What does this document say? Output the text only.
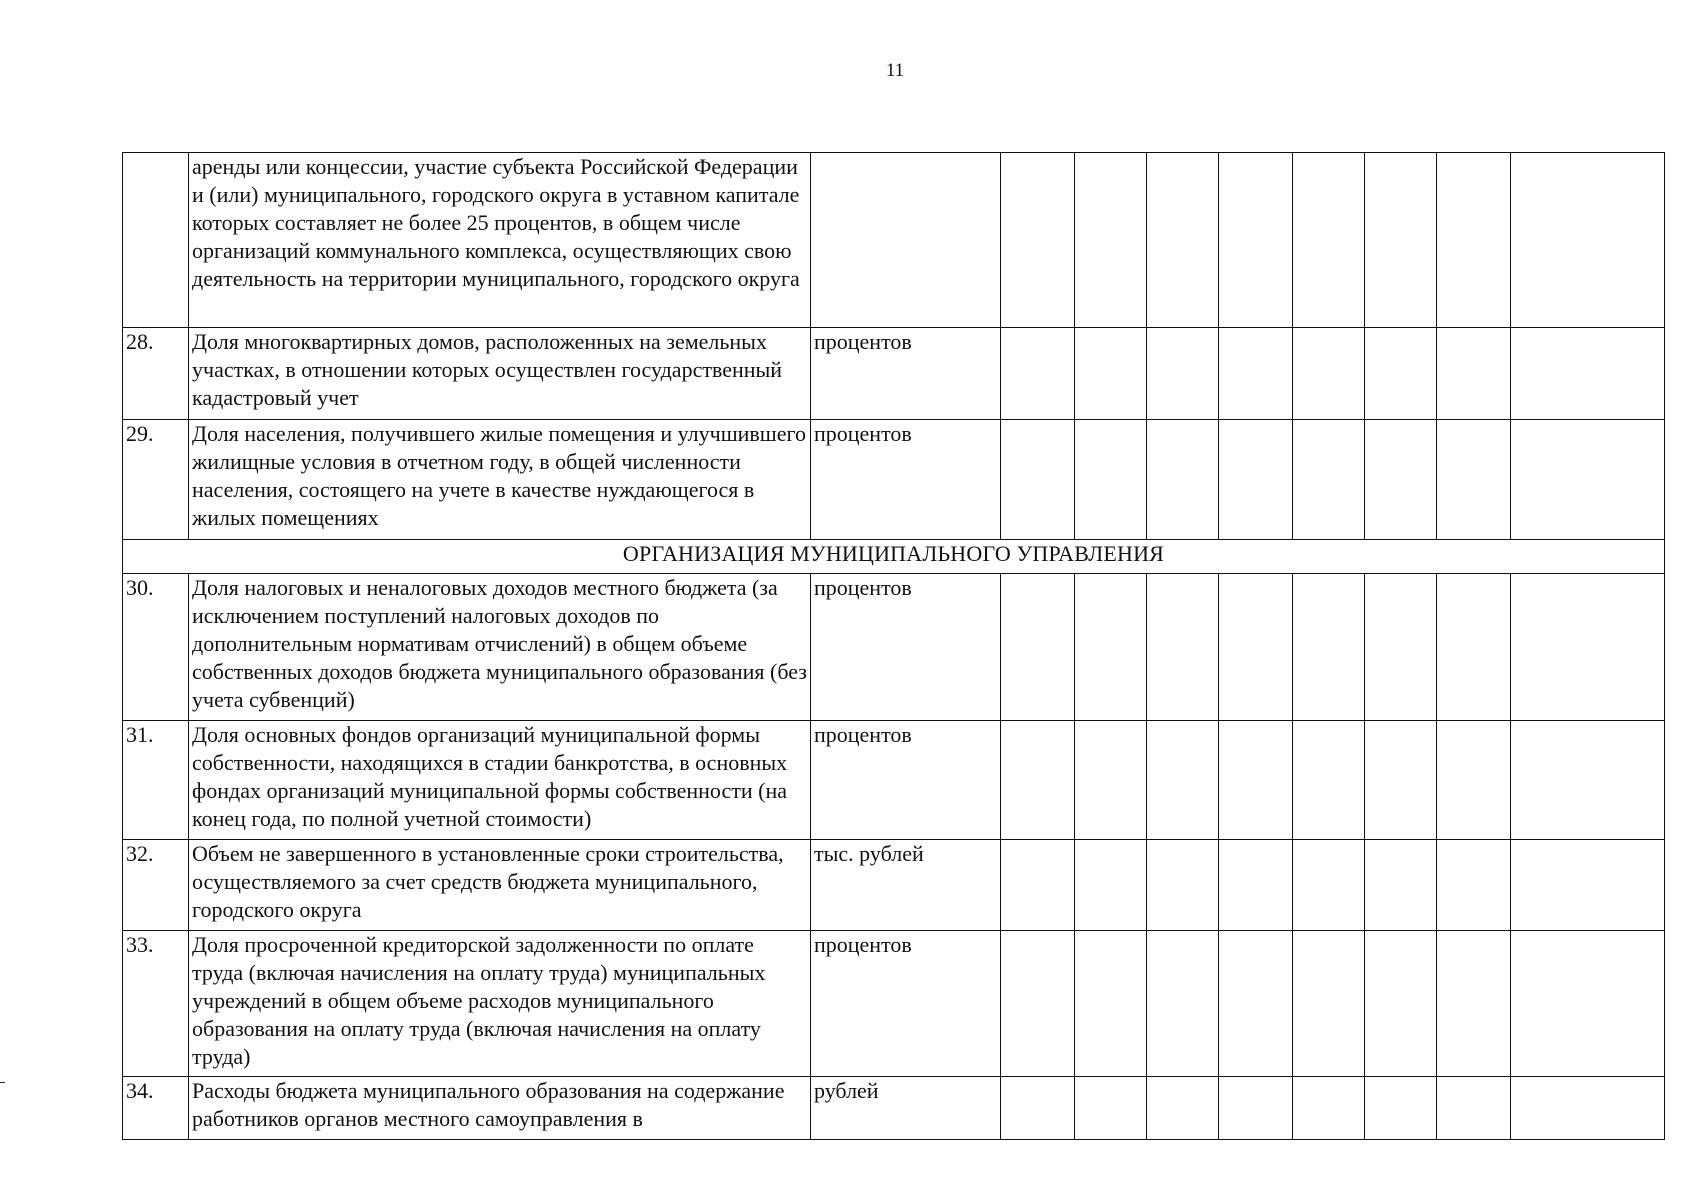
11
	аренды или концессии, участие субъекта Российской Федерации и (или) муниципального, городского округа в уставном капитале которых составляет не более 25 процентов, в общем числе организаций коммунального комплекса, осуществляющих свою деятельность на территории муниципального, городского округа									
28.	Доля многоквартирных домов, расположенных на земельных участках, в отношении которых осуществлен государственный кадастровый учет	процентов								
29.	Доля населения, получившего жилые помещения и улучшившего жилищные условия в отчетном году, в общей численности населения, состоящего на учете в качестве нуждающегося в жилых помещениях	процентов								
ОРГАНИЗАЦИЯ МУНИЦИПАЛЬНОГО УПРАВЛЕНИЯ										
30.	Доля налоговых и неналоговых доходов местного бюджета (за исключением поступлений налоговых доходов по дополнительным нормативам отчислений) в общем объеме собственных доходов бюджета муниципального образования (без учета субвенций)	процентов								
31.	Доля основных фондов организаций муниципальной формы собственности, находящихся в стадии банкротства, в основных фондах организаций муниципальной формы собственности (на конец года, по полной учетной стоимости)	процентов								
32.	Объем не завершенного в установленные сроки строительства, осуществляемого за счет средств бюджета муниципального, городского округа	тыс. рублей								
33.	Доля просроченной кредиторской задолженности по оплате труда (включая начисления на оплату труда) муниципальных учреждений в общем объеме расходов муниципального образования на оплату труда (включая начисления на оплату труда)	процентов								
34.	Расходы бюджета муниципального образования на содержание работников органов местного самоуправления в	рублей								
